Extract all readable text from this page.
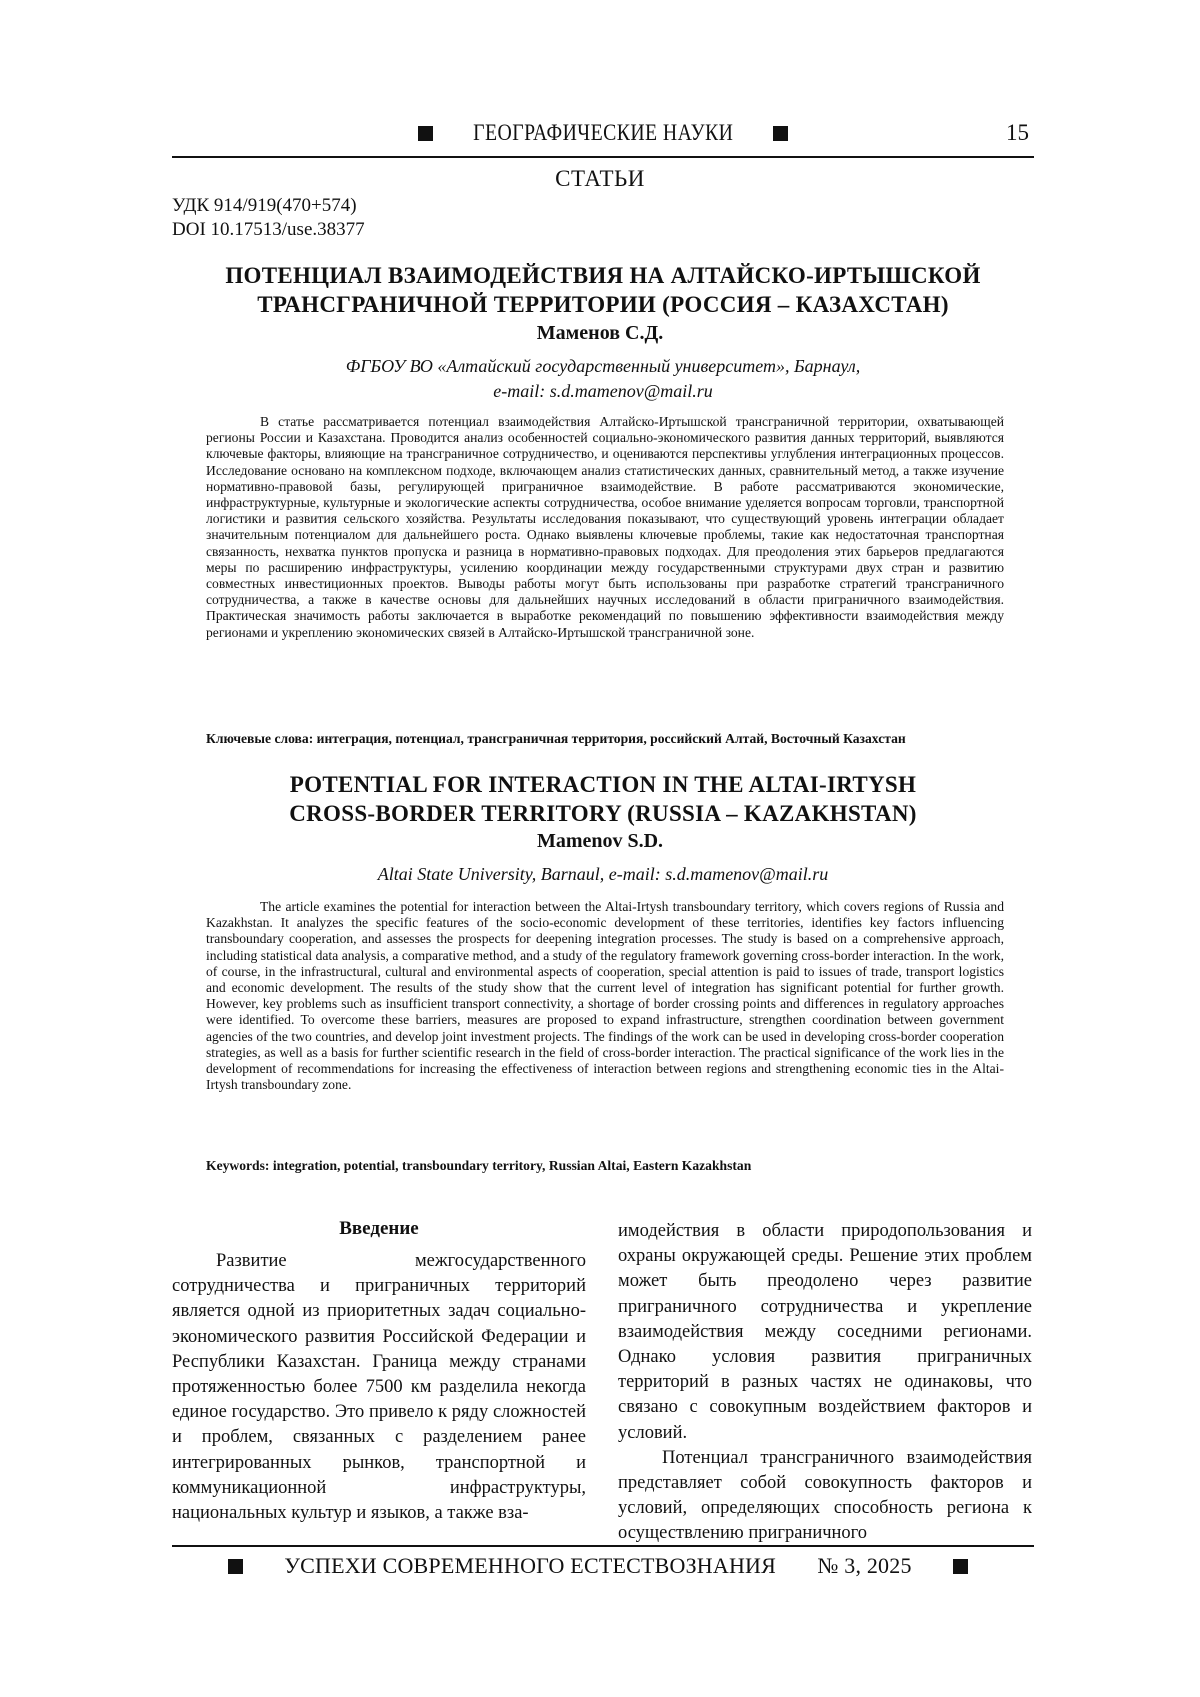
ГЕОГРАФИЧЕСКИЕ НАУКИ	15
СТАТЬИ
УДК 914/919(470+574)
DOI 10.17513/use.38377
ПОТЕНЦИАЛ ВЗАИМОДЕЙСТВИЯ НА АЛТАЙСКО-ИРТЫШСКОЙ
ТРАНСГРАНИЧНОЙ ТЕРРИТОРИИ (РОССИЯ – КАЗАХСТАН)
Маменов С.Д.
ФГБОУ ВО «Алтайский государственный университет», Барнаул,
e-mail: s.d.mamenov@mail.ru

В статье рассматривается потенциал взаимодействия Алтайско-Иртышской трансграничной территории, охватывающей регионы России и Казахстана. Проводится анализ особенностей социально-экономического развития данных территорий, выявляются ключевые факторы, влияющие на трансграничное сотрудничество, и оцениваются перспективы углубления интеграционных процессов. Исследование основано на комплексном подходе, включающем анализ статистических данных, сравнительный метод, а также изучение нормативно-правовой базы, регулирующей приграничное взаимодействие. В работе рассматриваются экономические, инфраструктурные, культурные и экологические аспекты сотрудничества, особое внимание уделяется вопросам торговли, транспортной логистики и развития сельского хозяйства. Результаты исследования показывают, что существующий уровень интеграции обладает значительным потенциалом для дальнейшего роста. Однако выявлены ключевые проблемы, такие как недостаточная транспортная связанность, нехватка пунктов пропуска и разница в нормативно-правовых подходах. Для преодоления этих барьеров предлагаются меры по расширению инфраструктуры, усилению координации между государственными структурами двух стран и развитию совместных инвестиционных проектов. Выводы работы могут быть использованы при разработке стратегий трансграничного сотрудничества, а также в качестве основы для дальнейших научных исследований в области приграничного взаимодействия. Практическая значимость работы заключается в выработке рекомендаций по повышению эффективности взаимодействия между регионами и укреплению экономических связей в Алтайско-Иртышской трансграничной зоне.

Ключевые слова: интеграция, потенциал, трансграничная территория, российский Алтай, Восточный Казахстан
POTENTIAL FOR INTERACTION IN THE ALTAI-IRTYSH
CROSS-BORDER TERRITORY (RUSSIA – KAZAKHSTAN)
Mamenov S.D.
Altai State University, Barnaul, e-mail: s.d.mamenov@mail.ru

The article examines the potential for interaction between the Altai-Irtysh transboundary territory, which covers regions of Russia and Kazakhstan. It analyzes the specific features of the socio-economic development of these territories, identifies key factors influencing transboundary cooperation, and assesses the prospects for deepening integration processes. The study is based on a comprehensive approach, including statistical data analysis, a comparative method, and a study of the regulatory framework governing cross-border interaction. In the work, of course, in the infrastructural, cultural and environmental aspects of cooperation, special attention is paid to issues of trade, transport logistics and economic development. The results of the study show that the current level of integration has significant potential for further growth. However, key problems such as insufficient transport connectivity, a shortage of border crossing points and differences in regulatory approaches were identified. To overcome these barriers, measures are proposed to expand infrastructure, strengthen coordination between government agencies of the two countries, and develop joint investment projects. The findings of the work can be used in developing cross-border cooperation strategies, as well as a basis for further scientific research in the field of cross-border interaction. The practical significance of the work lies in the development of recommendations for increasing the effectiveness of interaction between regions and strengthening economic ties in the Altai-Irtysh transboundary zone.

Keywords: integration, potential, transboundary territory, Russian Altai, Eastern Kazakhstan
Введение

Развитие межгосударственного сотрудничества и приграничных территорий является одной из приоритетных задач социально-экономического развития Российской Федерации и Республики Казахстан. Граница между странами протяженностью более 7500 км разделила некогда единое государство. Это привело к ряду сложностей и проблем, связанных с разделением ранее интегрированных рынков, транспортной и коммуникационной инфраструктуры, национальных культур и языков, а также вза-

имодействия в области природопользования и охраны окружающей среды. Решение этих проблем может быть преодолено через развитие приграничного сотрудничества и укрепление взаимодействия между соседними регионами. Однако условия развития приграничных территорий в разных частях не одинаковы, что связано с совокупным воздействием факторов и условий.

Потенциал трансграничного взаимодействия представляет собой совокупность факторов и условий, определяющих способность региона к осуществлению приграничного

УСПЕХИ СОВРЕМЕННОГО ЕСТЕСТВОЗНАНИЯ № 3, 2025
